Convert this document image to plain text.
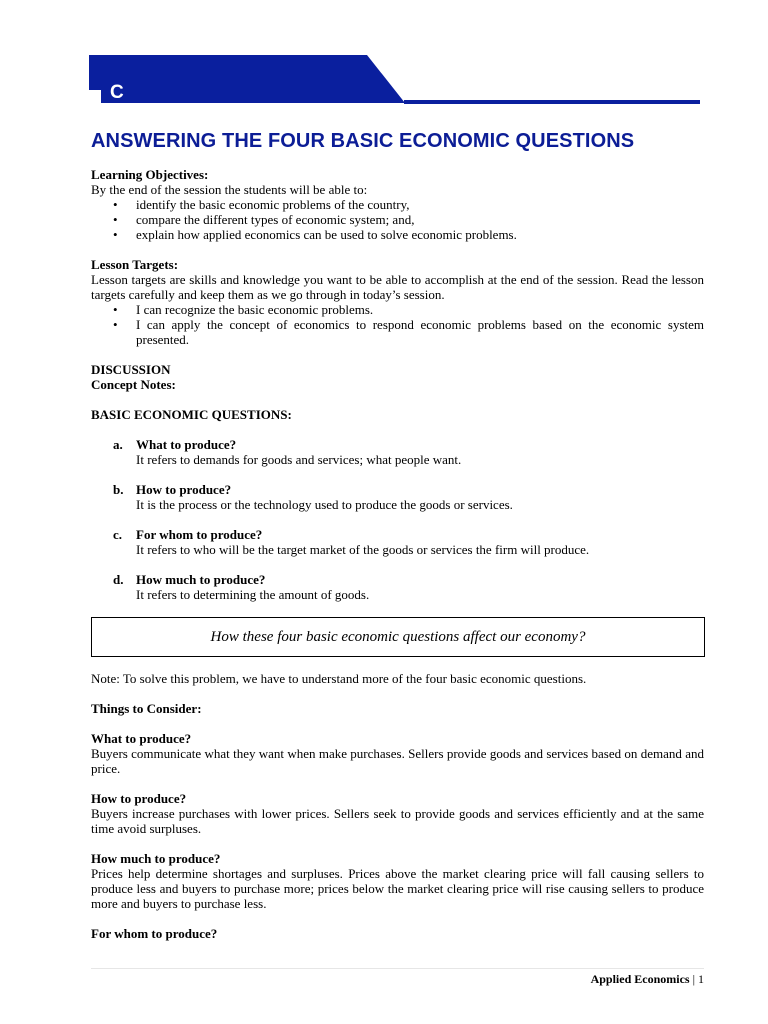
C
ANSWERING THE FOUR BASIC ECONOMIC QUESTIONS

Learning Objectives:

By the end of the session the students will be able to:

• identify the basic economic problems of the country,
• compare the different types of economic system; and,
• explain how applied economics can be used to solve economic problems.

Lesson Targets:

Lesson targets are skills and knowledge you want to be able to accomplish at the end of the session. Read the lesson targets carefully and keep them as we go through in today’s session.

• I can recognize the basic economic problems.
• I can apply the concept of economics to respond economic problems based on the economic system presented.

DISCUSSION

Concept Notes:

BASIC ECONOMIC QUESTIONS:

a. What to produce?
It refers to demands for goods and services; what people want.
b. How to produce?
It is the process or the technology used to produce the goods or services.
c. For whom to produce?
It refers to who will be the target market of the goods or services the firm will produce.
d. How much to produce?
It refers to determining the amount of goods.
How these four basic economic questions affect our economy?

Note: To solve this problem, we have to understand more of the four basic economic questions.

Things to Consider:

What to produce?

Buyers communicate what they want when make purchases. Sellers provide goods and services based on demand and price.

How to produce?

Buyers increase purchases with lower prices. Sellers seek to provide goods and services efficiently and at the same time avoid surpluses.

How much to produce?

Prices help determine shortages and surpluses. Prices above the market clearing price will fall causing sellers to produce less and buyers to purchase more; prices below the market clearing price will rise causing sellers to produce more and buyers to purchase less.

For whom to produce?

Applied Economics | 1
